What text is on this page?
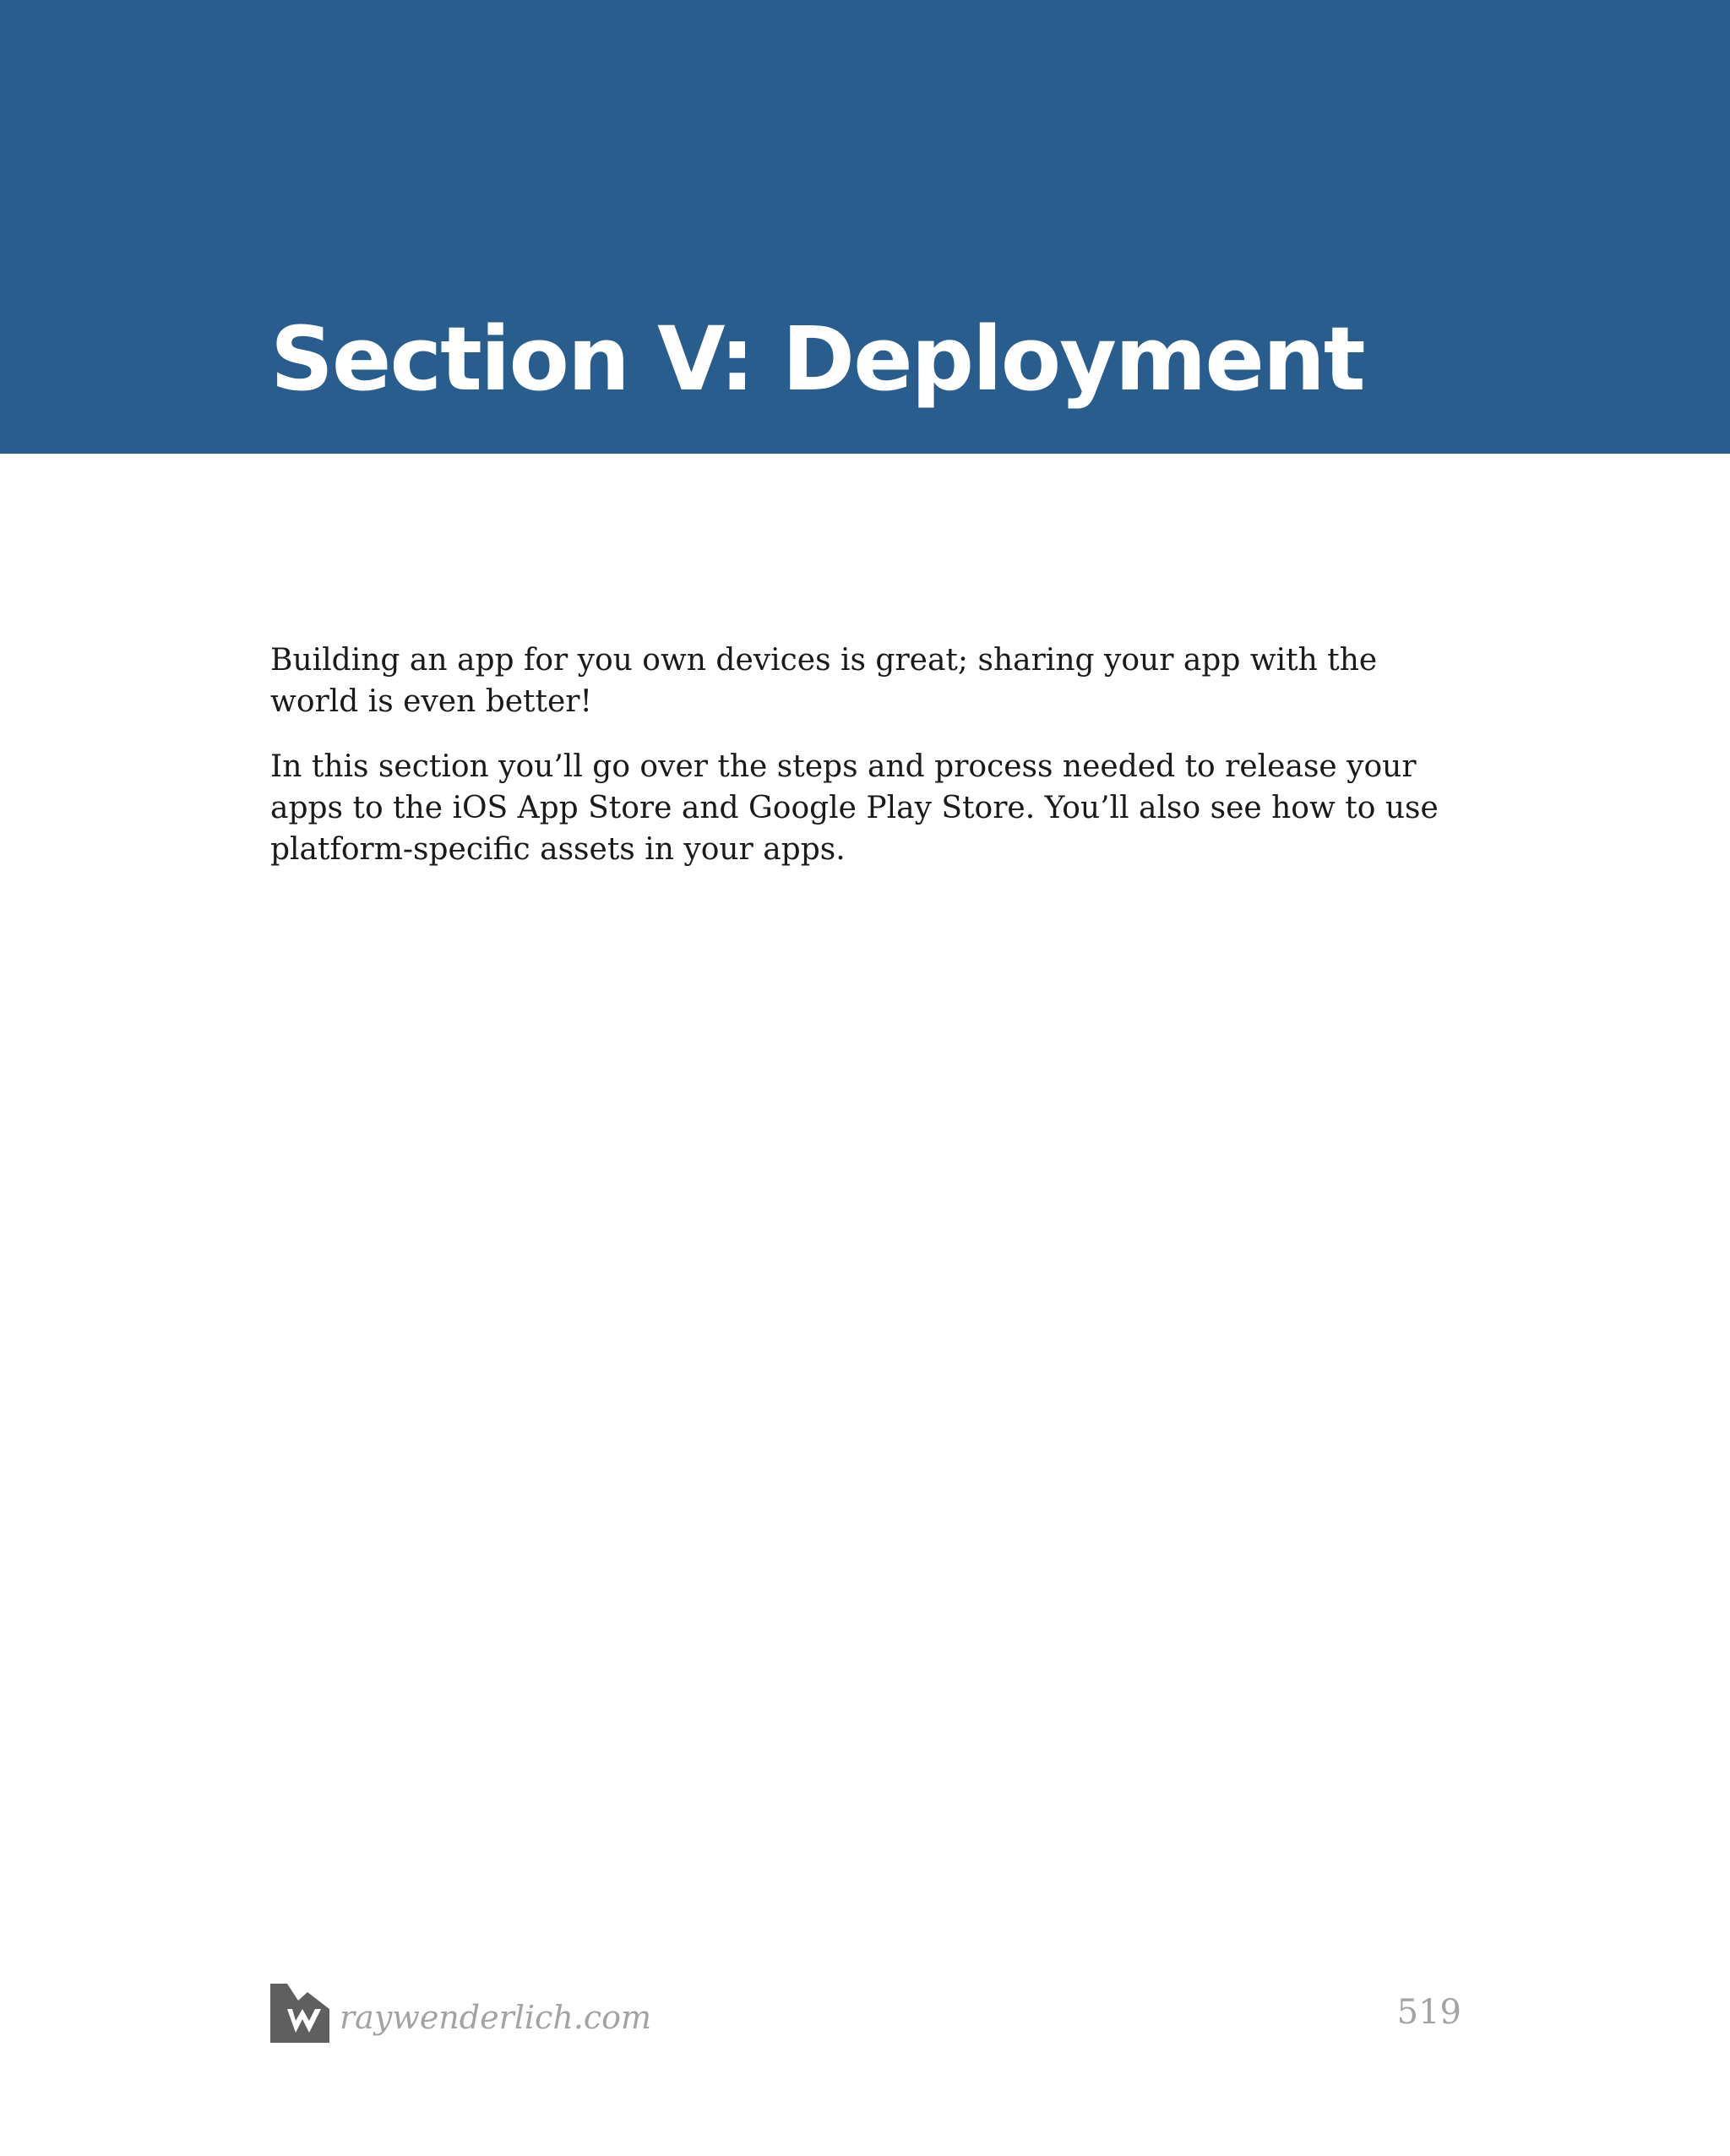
Section V: Deployment

Building an app for you own devices is great; sharing your app with the world is even better!

In this section you’ll go over the steps and process needed to release your apps to the iOS App Store and Google Play Store. You’ll also see how to use platform-specific assets in your apps.

raywenderlich.com	519
